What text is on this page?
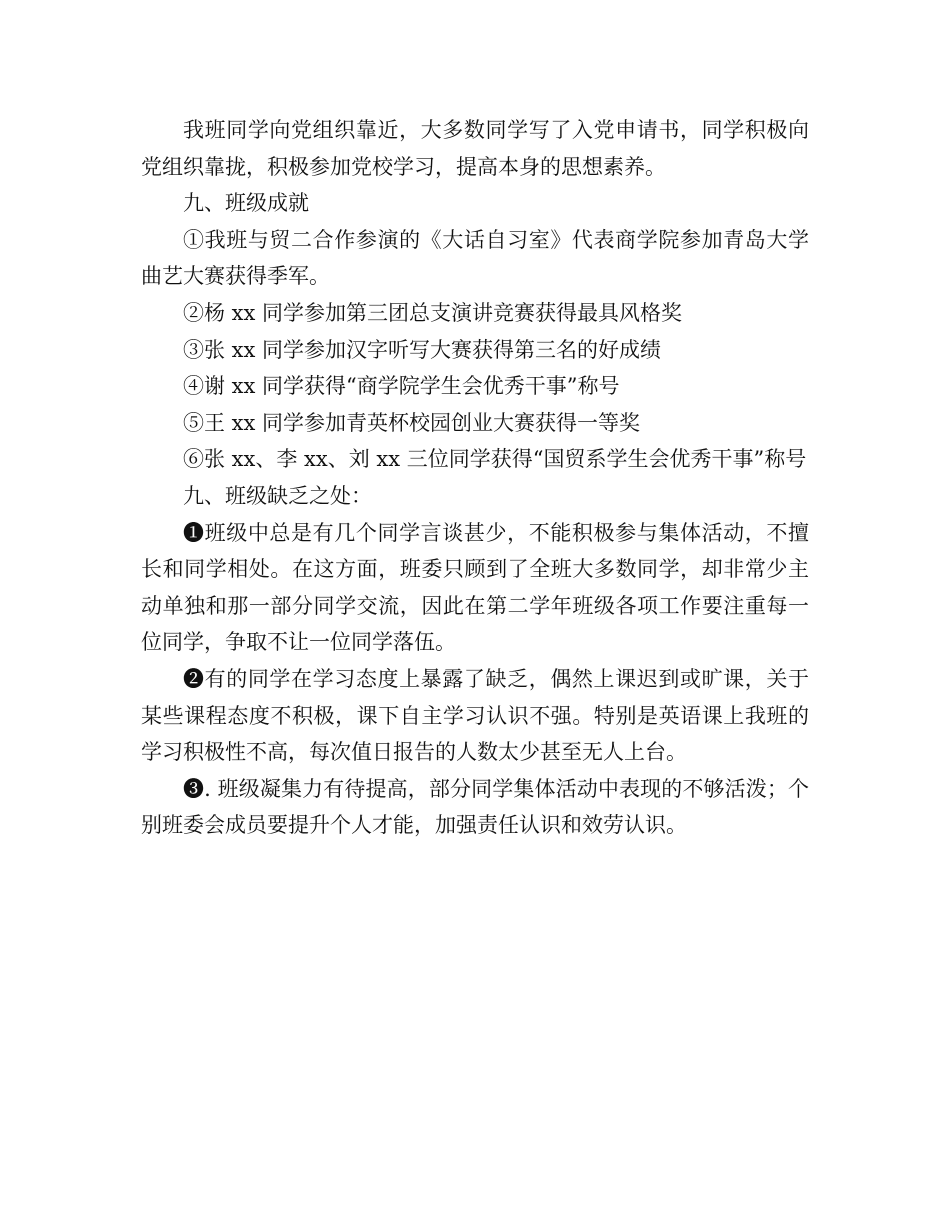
我班同学向党组织靠近，大多数同学写了入党申请书，同学积极向党组织靠拢，积极参加党校学习，提高本身的思想素养。

九、班级成就

①我班与贸二合作参演的《大话自习室》代表商学院参加青岛大学曲艺大赛获得季军。

②杨 xx 同学参加第三团总支演讲竞赛获得最具风格奖

③张 xx 同学参加汉字听写大赛获得第三名的好成绩

④谢 xx 同学获得“商学院学生会优秀干事”称号

⑤王 xx 同学参加青英杯校园创业大赛获得一等奖

⑥张 xx、李 xx、刘 xx 三位同学获得“国贸系学生会优秀干事”称号

九、班级缺乏之处：

❶班级中总是有几个同学言谈甚少，不能积极参与集体活动，不擅长和同学相处。在这方面，班委只顾到了全班大多数同学，却非常少主动单独和那一部分同学交流，因此在第二学年班级各项工作要注重每一位同学，争取不让一位同学落伍。

❷有的同学在学习态度上暴露了缺乏，偶然上课迟到或旷课，关于某些课程态度不积极，课下自主学习认识不强。特别是英语课上我班的学习积极性不高，每次值日报告的人数太少甚至无人上台。

❸. 班级凝集力有待提高，部分同学集体活动中表现的不够活泼；个别班委会成员要提升个人才能，加强责任认识和效劳认识。
